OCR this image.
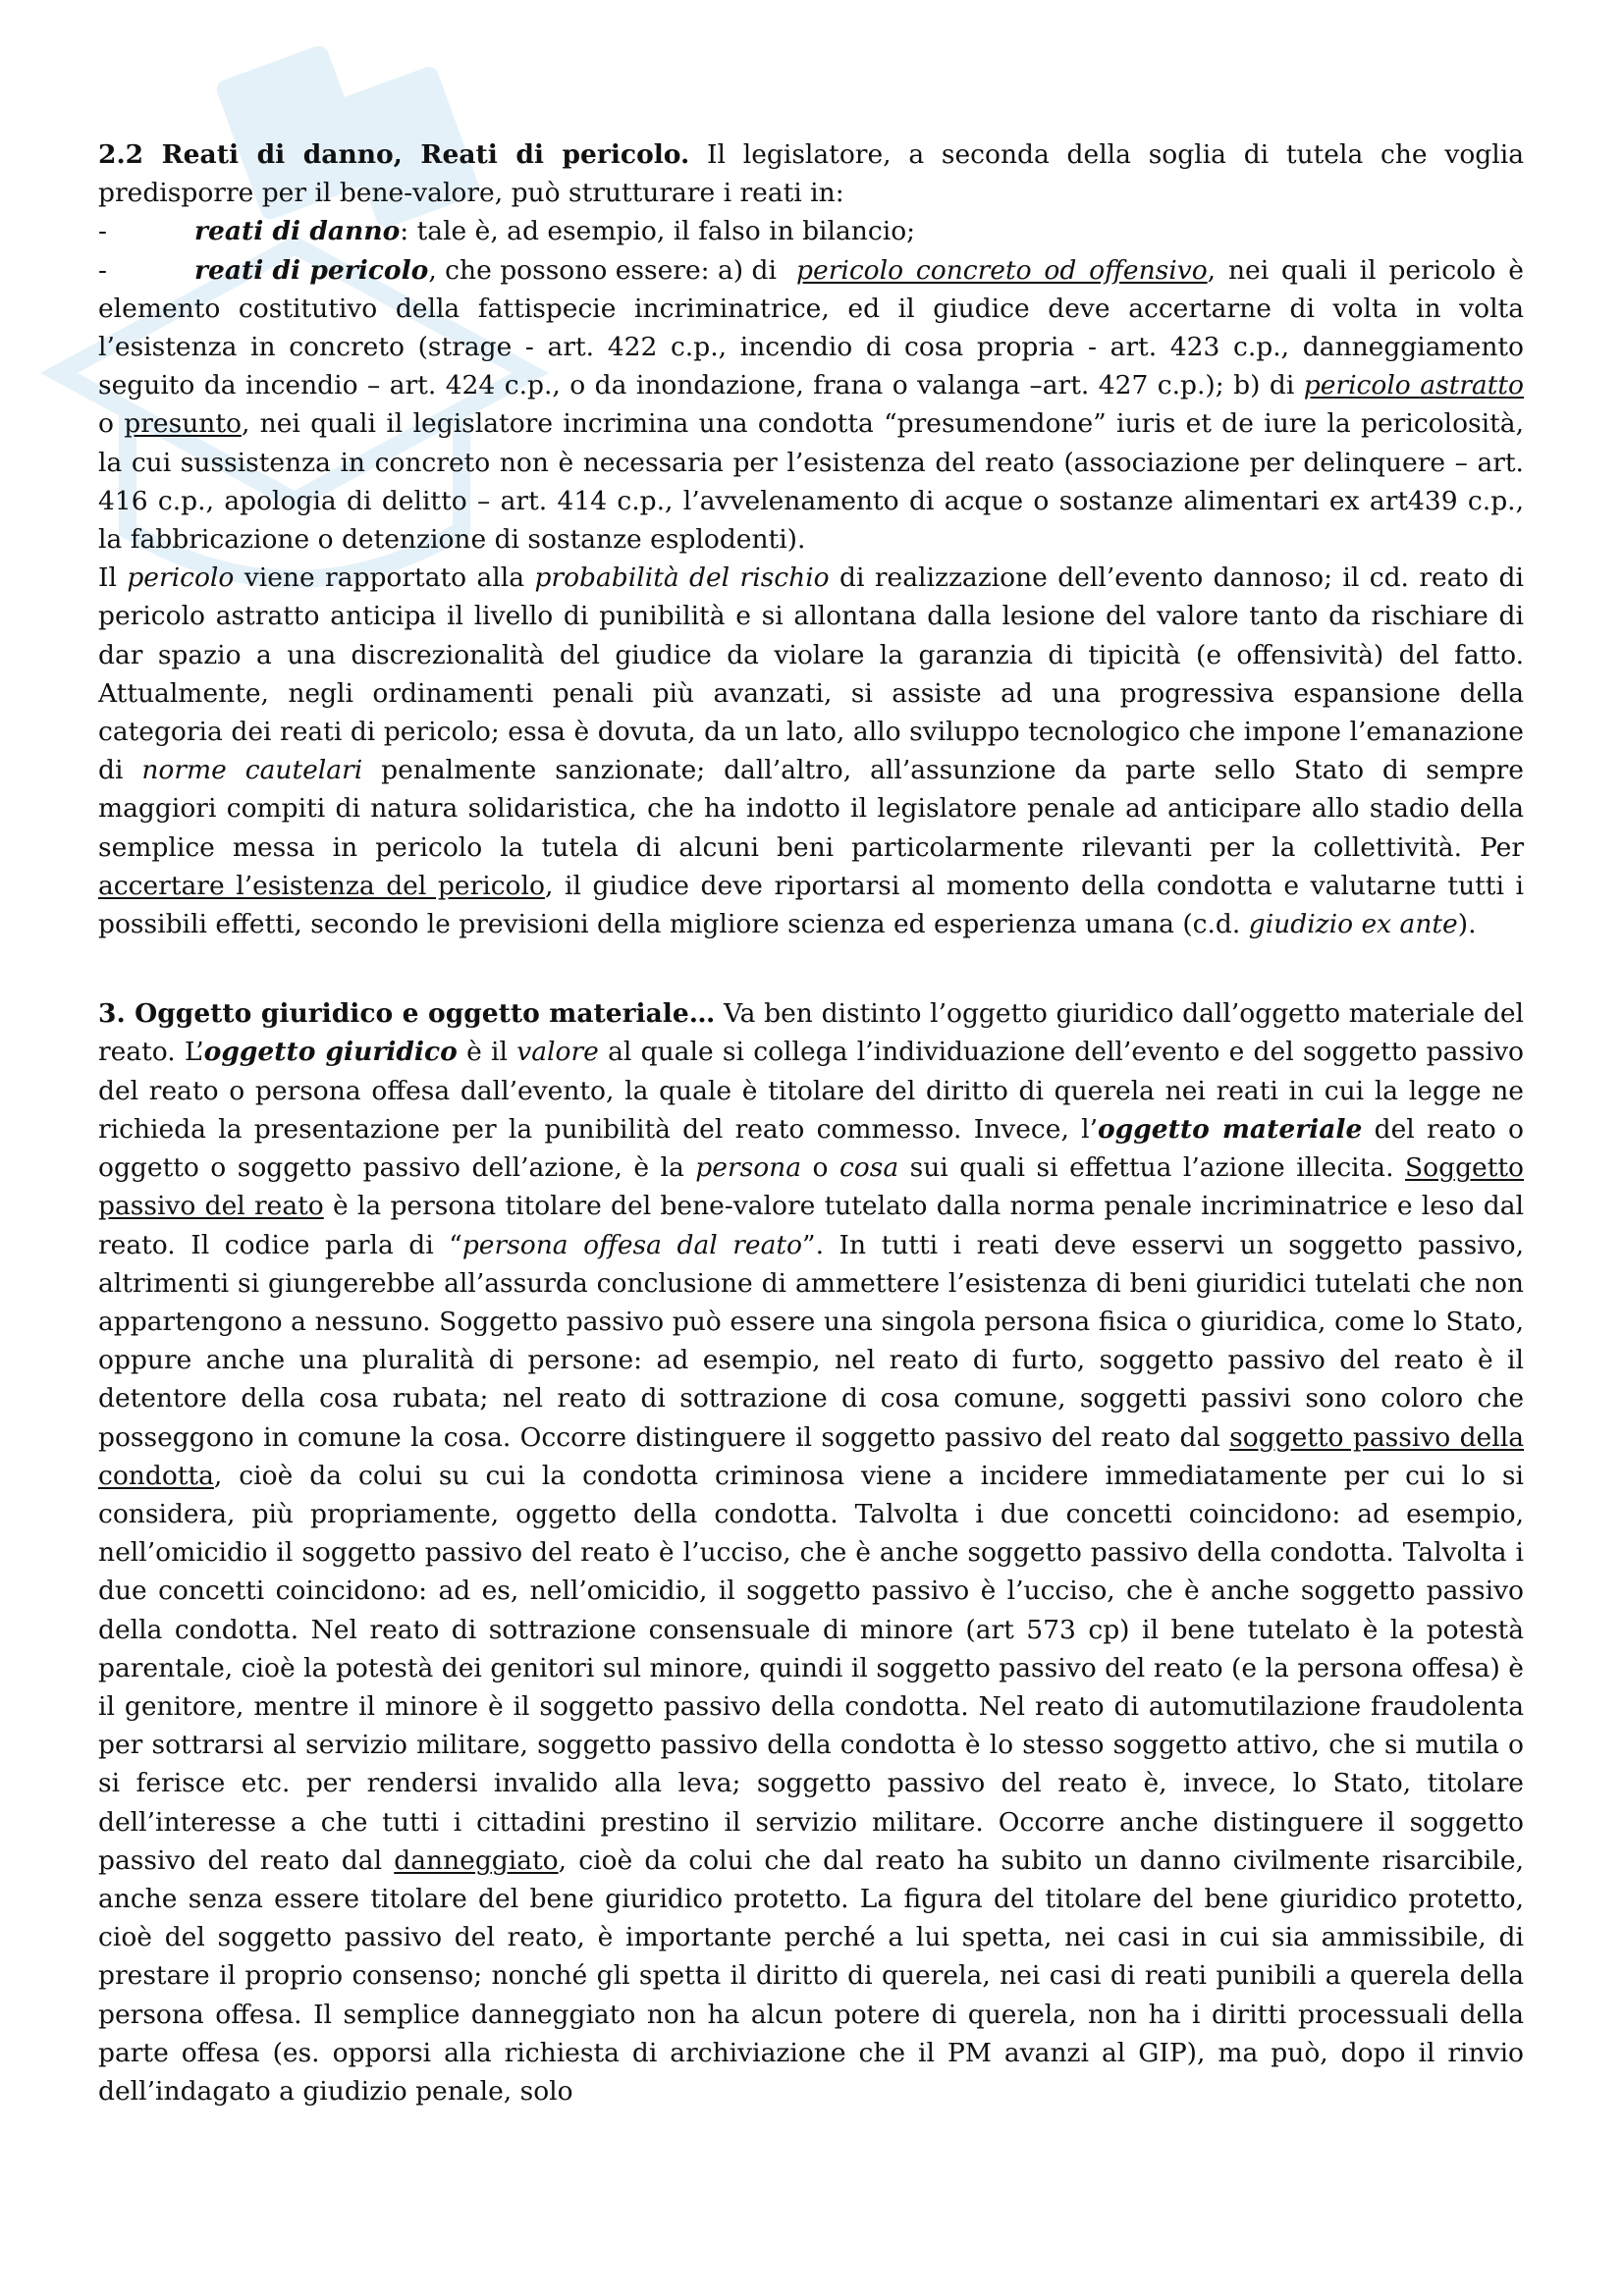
2.2 Reati di danno, Reati di pericolo. Il legislatore, a seconda della soglia di tutela che voglia predisporre per il bene-valore, può strutturare i reati in:

-	reati di danno: tale è, ad esempio, il falso in bilancio;
-	reati di pericolo, che possono essere: a) di pericolo concreto od offensivo, nei quali il pericolo è elemento costitutivo della fattispecie incriminatrice, ed il giudice deve accertarne di volta in volta l’esistenza in concreto (strage - art. 422 c.p., incendio di cosa propria - art. 423 c.p., danneggiamento seguito da incendio – art. 424 c.p., o da inondazione, frana o valanga –art. 427 c.p.); b) di pericolo astratto o presunto, nei quali il legislatore incrimina una condotta “presumendone” iuris et de iure la pericolosità, la cui sussistenza in concreto non è necessaria per l’esistenza del reato (associazione per delinquere – art. 416 c.p., apologia di delitto – art. 414 c.p., l’avvelenamento di acque o sostanze alimentari ex art439 c.p., la fabbricazione o detenzione di sostanze esplodenti).

Il pericolo viene rapportato alla probabilità del rischio di realizzazione dell’evento dannoso; il cd. reato di pericolo astratto anticipa il livello di punibilità e si allontana dalla lesione del valore tanto da rischiare di dar spazio a una discrezionalità del giudice da violare la garanzia di tipicità (e offensività) del fatto. Attualmente, negli ordinamenti penali più avanzati, si assiste ad una progressiva espansione della categoria dei reati di pericolo; essa è dovuta, da un lato, allo sviluppo tecnologico che impone l’emanazione di norme cautelari penalmente sanzionate; dall’altro, all’assunzione da parte sello Stato di sempre maggiori compiti di natura solidaristica, che ha indotto il legislatore penale ad anticipare allo stadio della semplice messa in pericolo la tutela di alcuni beni particolarmente rilevanti per la collettività. Per accertare l’esistenza del pericolo, il giudice deve riportarsi al momento della condotta e valutarne tutti i possibili effetti, secondo le previsioni della migliore scienza ed esperienza umana (c.d. giudizio ex ante).

3. Oggetto giuridico e oggetto materiale… Va ben distinto l’oggetto giuridico dall’oggetto materiale del reato. L’oggetto giuridico è il valore al quale si collega l’individuazione dell’evento e del soggetto passivo del reato o persona offesa dall’evento, la quale è titolare del diritto di querela nei reati in cui la legge ne richieda la presentazione per la punibilità del reato commesso. Invece, l’oggetto materiale del reato o oggetto o soggetto passivo dell’azione, è la persona o cosa sui quali si effettua l’azione illecita. Soggetto passivo del reato è la persona titolare del bene-valore tutelato dalla norma penale incriminatrice e leso dal reato. Il codice parla di “persona offesa dal reato”. In tutti i reati deve esservi un soggetto passivo, altrimenti si giungerebbe all’assurda conclusione di ammettere l’esistenza di beni giuridici tutelati che non appartengono a nessuno. Soggetto passivo può essere una singola persona fisica o giuridica, come lo Stato, oppure anche una pluralità di persone: ad esempio, nel reato di furto, soggetto passivo del reato è il detentore della cosa rubata; nel reato di sottrazione di cosa comune, soggetti passivi sono coloro che posseggono in comune la cosa. Occorre distinguere il soggetto passivo del reato dal soggetto passivo della condotta, cioè da colui su cui la condotta criminosa viene a incidere immediatamente per cui lo si considera, più propriamente, oggetto della condotta. Talvolta i due concetti coincidono: ad esempio, nell’omicidio il soggetto passivo del reato è l’ucciso, che è anche soggetto passivo della condotta. Talvolta i due concetti coincidono: ad es, nell’omicidio, il soggetto passivo è l’ucciso, che è anche soggetto passivo della condotta. Nel reato di sottrazione consensuale di minore (art 573 cp) il bene tutelato è la potestà parentale, cioè la potestà dei genitori sul minore, quindi il soggetto passivo del reato (e la persona offesa) è il genitore, mentre il minore è il soggetto passivo della condotta. Nel reato di automutilazione fraudolenta per sottrarsi al servizio militare, soggetto passivo della condotta è lo stesso soggetto attivo, che si mutila o si ferisce etc. per rendersi invalido alla leva; soggetto passivo del reato è, invece, lo Stato, titolare dell’interesse a che tutti i cittadini prestino il servizio militare. Occorre anche distinguere il soggetto passivo del reato dal danneggiato, cioè da colui che dal reato ha subito un danno civilmente risarcibile, anche senza essere titolare del bene giuridico protetto. La figura del titolare del bene giuridico protetto, cioè del soggetto passivo del reato, è importante perché a lui spetta, nei casi in cui sia ammissibile, di prestare il proprio consenso; nonché gli spetta il diritto di querela, nei casi di reati punibili a querela della persona offesa. Il semplice danneggiato non ha alcun potere di querela, non ha i diritti processuali della parte offesa (es. opporsi alla richiesta di archiviazione che il PM avanzi al GIP), ma può, dopo il rinvio dell’indagato a giudizio penale, solo
